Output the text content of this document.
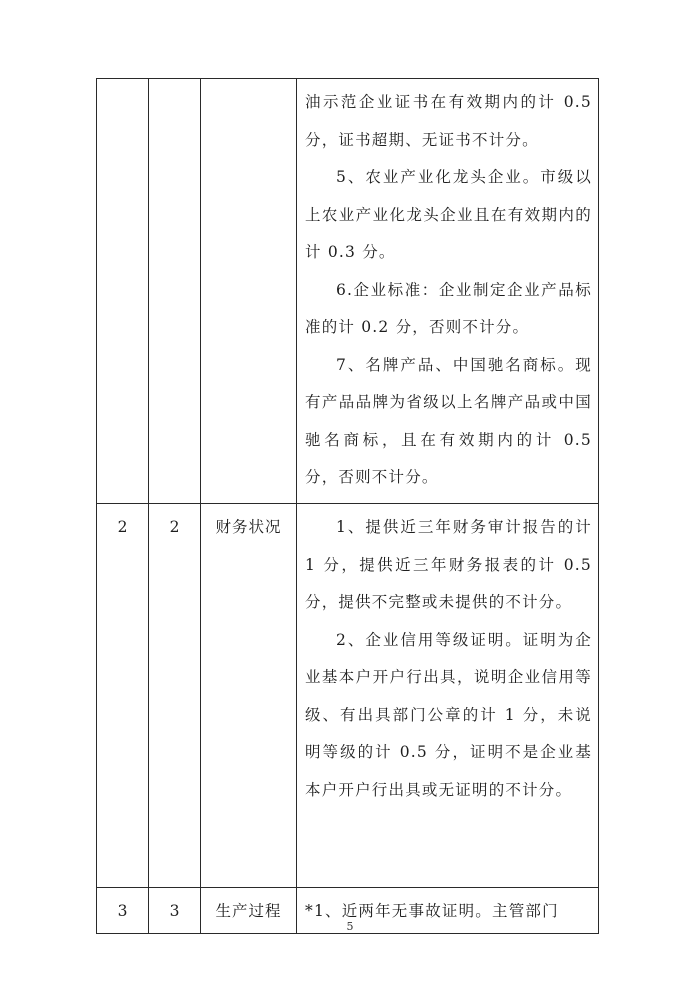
			油示范企业证书在有效期内的计 0.5 分，证书超期、无证书不计分。

5、农业产业化龙头企业。市级以上农业产业化龙头企业且在有效期内的计 0.3 分。

6.企业标准：企业制定企业产品标准的计 0.2 分，否则不计分。

7、名牌产品、中国驰名商标。现有产品品牌为省级以上名牌产品或中国驰名商标，且在有效期内的计 0.5 分，否则不计分。

2	2	财务状况	1、提供近三年财务审计报告的计 1 分，提供近三年财务报表的计 0.5 分，提供不完整或未提供的不计分。

2、企业信用等级证明。证明为企业基本户开户行出具，说明企业信用等级、有出具部门公章的计 1 分，未说明等级的计 0.5 分，证明不是企业基本户开户行出具或无证明的不计分。

3	3	生产过程	*1、近两年无事故证明。主管部门

5
